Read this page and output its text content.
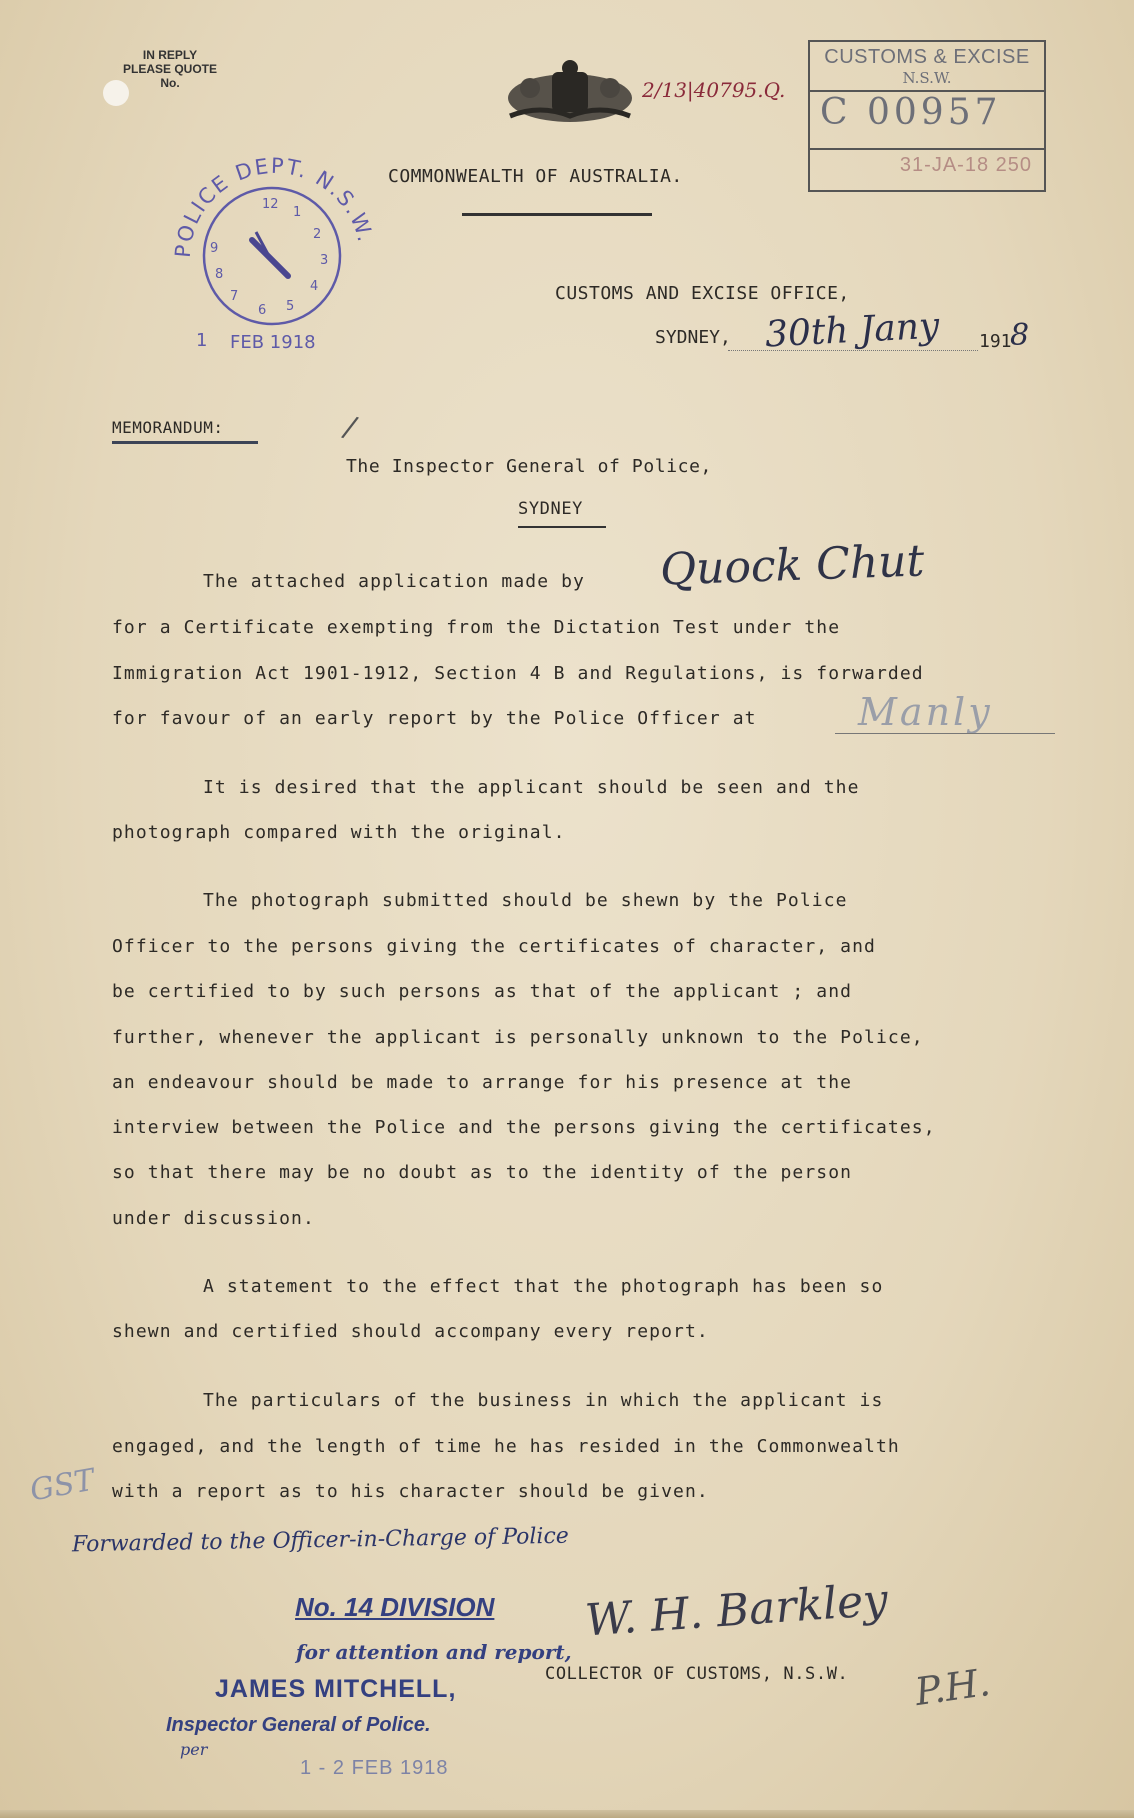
IN REPLY
PLEASE QUOTE
No.	2/13|40795.Q.
CUSTOMS & EXCISE
N.S.W.
C 00957
31-JA-18 250
POLICE DEPT. N.S.W.
12
1
2
3
4
5
6
7
8
9
FEB 1918
1
COMMONWEALTH OF AUSTRALIA.
CUSTOMS AND EXCISE OFFICE,
SYDNEY, 30th Jany 191
8
MEMORANDUM:	/
The Inspector General of Police,
SYDNEY
The attached application made by Quock Chut
for a Certificate exempting from the Dictation Test under the
Immigration Act 1901-1912, Section 4 B and Regulations, is forwarded
for favour of an early report by the Police Officer at	Manly
It is desired that the applicant should be seen and the
photograph compared with the original.
The photograph submitted should be shewn by the Police
Officer to the persons giving the certificates of character, and
be certified to by such persons as that of the applicant ; and
further, whenever the applicant is personally unknown to the Police,
an endeavour should be made to arrange for his presence at the
interview between the Police and the persons giving the certificates,
so that there may be no doubt as to the identity of the person
under discussion.
A statement to the effect that the photograph has been so
shewn and certified should accompany every report.
The particulars of the business in which the applicant is
engaged, and the length of time he has resided in the Commonwealth
with a report as to his character should be given.
GST
Forwarded to the Officer-in-Charge of Police
No. 14 DIVISION
for attention and report,
JAMES MITCHELL,
Inspector General of Police.
per
1 - 2 FEB 1918
W. H. Barkley
COLLECTOR OF CUSTOMS, N.S.W. P.H.
